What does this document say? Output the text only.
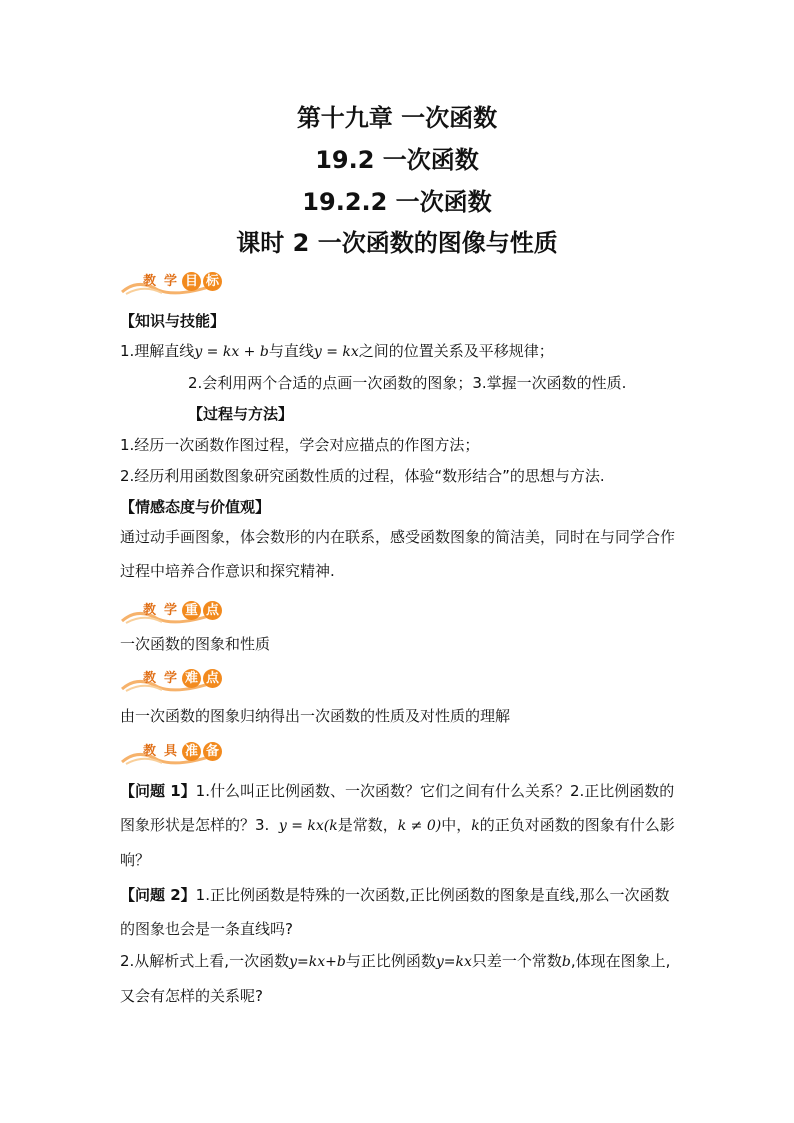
第十九章 一次函数
19.2 一次函数
19.2.2 一次函数
课时 2 一次函数的图像与性质
教 学 目 标
【知识与技能】
1.理解直线y = kx + b与直线y = kx之间的位置关系及平移规律；
2.会利用两个合适的点画一次函数的图象；3.掌握一次函数的性质.
【过程与方法】
1.经历一次函数作图过程，学会对应描点的作图方法；
2.经历利用函数图象研究函数性质的过程，体验“数形结合”的思想与方法.
【情感态度与价值观】
通过动手画图象，体会数形的内在联系，感受函数图象的简洁美，同时在与同学合作过程中培养合作意识和探究精神.
教 学 重 点
一次函数的图象和性质
教 学 难 点
由一次函数的图象归纳得出一次函数的性质及对性质的理解
教 具 准 备
【问题 1】1.什么叫正比例函数、一次函数？它们之间有什么关系？2.正比例函数的图象形状是怎样的？3. y = kx(k是常数，k ≠ 0)中，k的正负对函数的图象有什么影响？
【问题 2】1.正比例函数是特殊的一次函数,正比例函数的图象是直线,那么一次函数的图象也会是一条直线吗?
2.从解析式上看,一次函数y=kx+b与正比例函数y=kx只差一个常数b,体现在图象上,又会有怎样的关系呢?
